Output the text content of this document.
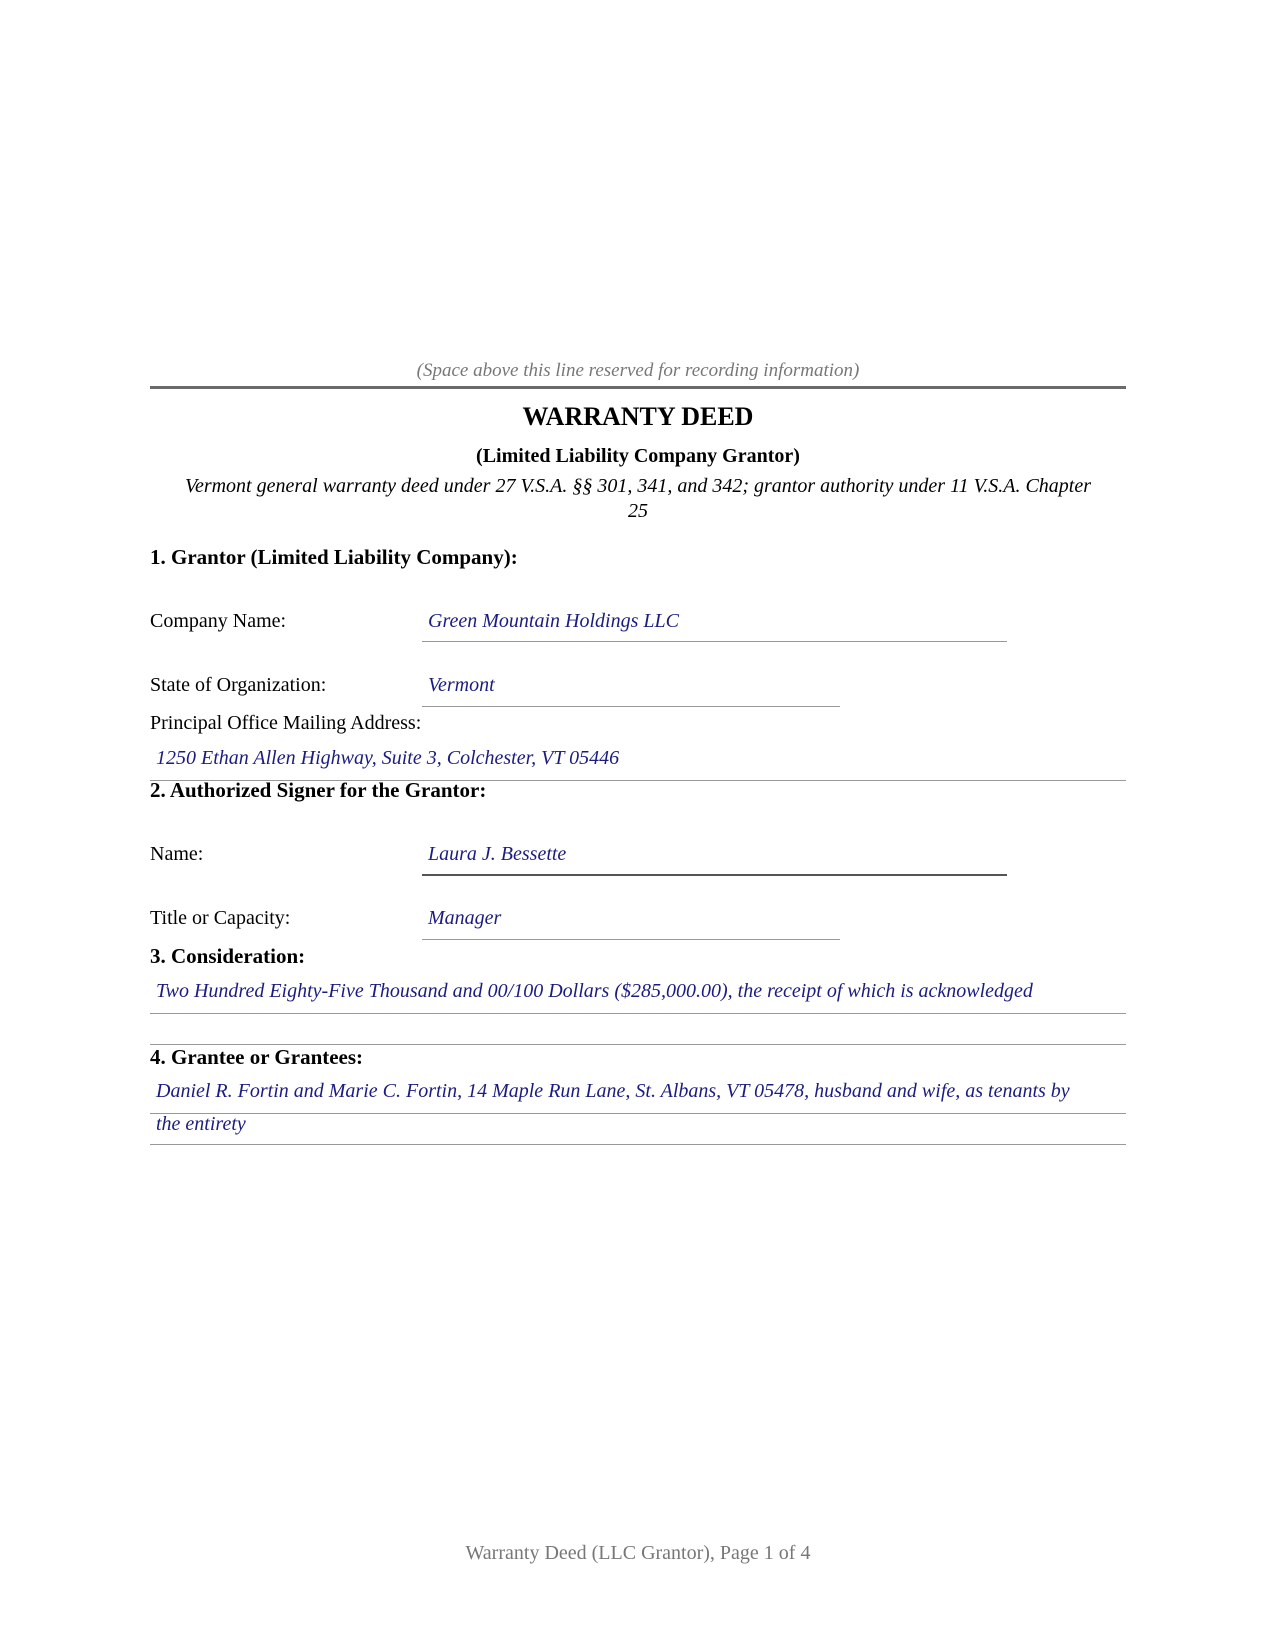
(Space above this line reserved for recording information)
WARRANTY DEED
(Limited Liability Company Grantor)
Vermont general warranty deed under 27 V.S.A. §§ 301, 341, and 342; grantor authority under 11 V.S.A. Chapter
25
1. Grantor (Limited Liability Company):
Company Name:	Green Mountain Holdings LLC
State of Organization:	Vermont
Principal Office Mailing Address:
1250 Ethan Allen Highway, Suite 3, Colchester, VT 05446
2. Authorized Signer for the Grantor:
Name:	Laura J. Bessette
Title or Capacity:	Manager
3. Consideration:
Two Hundred Eighty-Five Thousand and 00/100 Dollars ($285,000.00), the receipt of which is acknowledged
4. Grantee or Grantees:
Daniel R. Fortin and Marie C. Fortin, 14 Maple Run Lane, St. Albans, VT 05478, husband and wife, as tenants by
the entirety
Warranty Deed (LLC Grantor), Page 1 of 4
